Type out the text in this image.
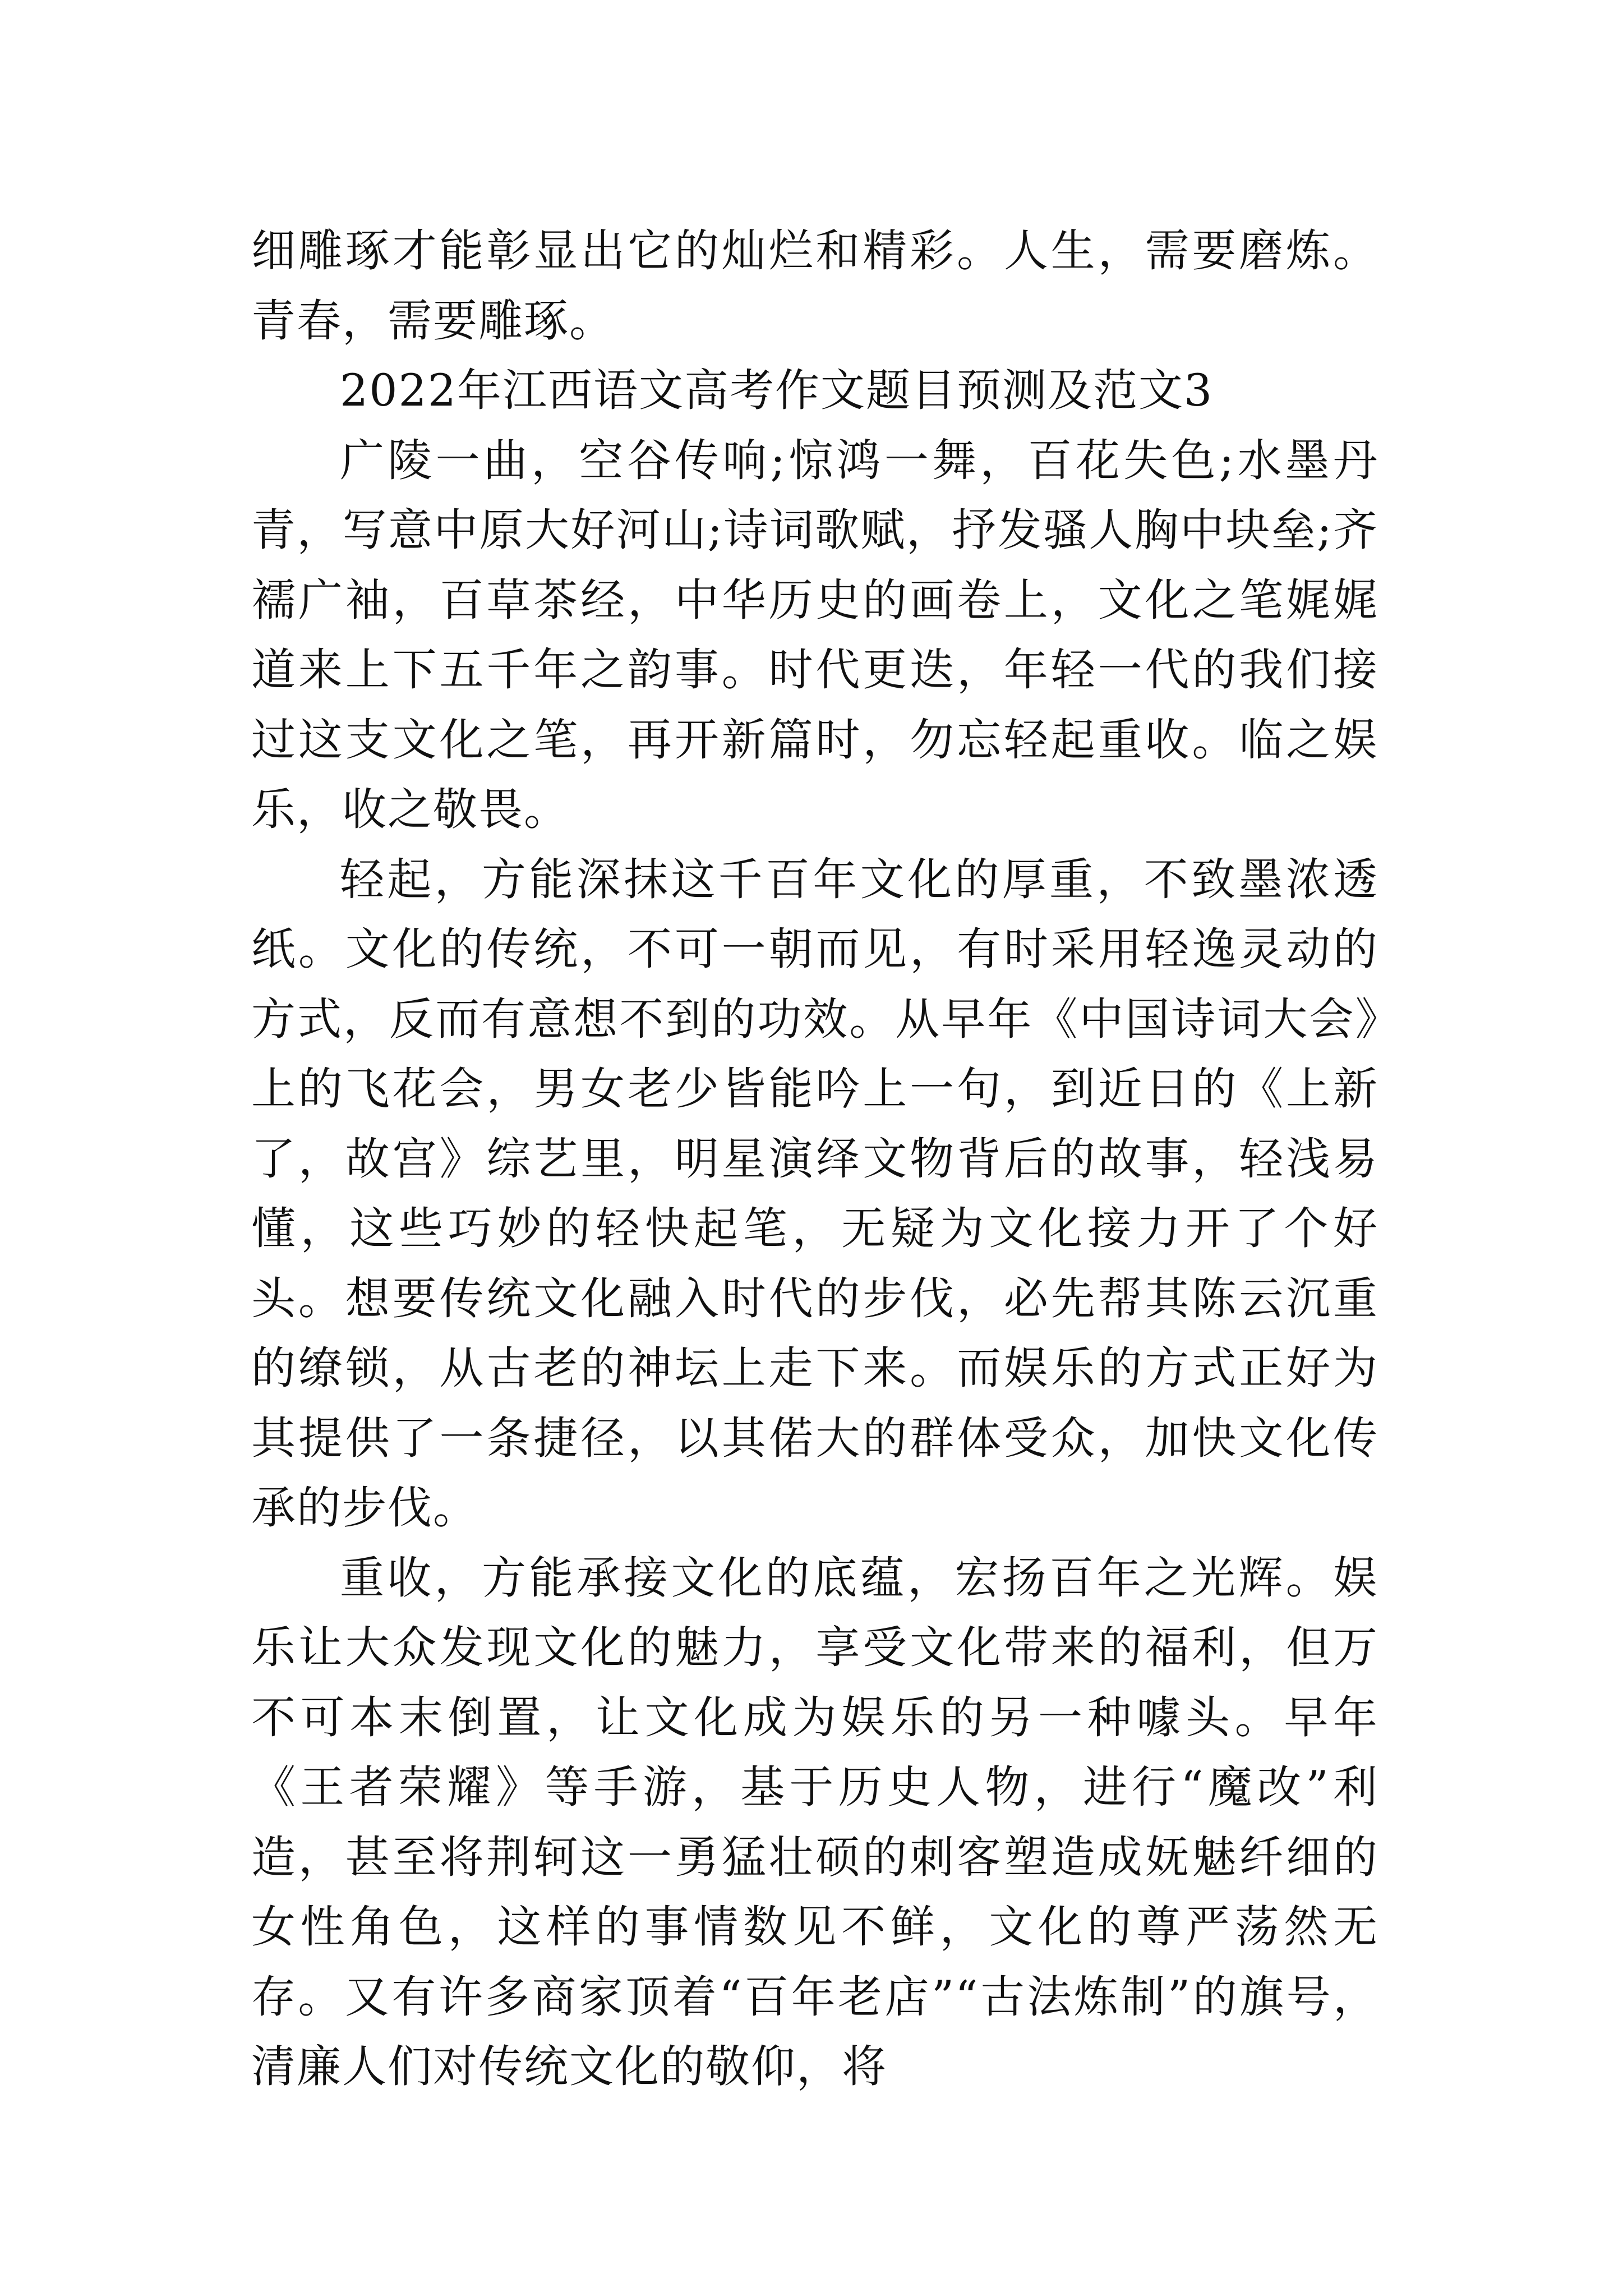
细雕琢才能彰显出它的灿烂和精彩。人生，需要磨炼。青春，需要雕琢。

2022年江西语文高考作文题目预测及范文3

广陵一曲，空谷传响;惊鸿一舞，百花失色;水墨丹青，写意中原大好河山;诗词歌赋，抒发骚人胸中块垒;齐襦广袖，百草茶经，中华历史的画卷上，文化之笔娓娓道来上下五千年之韵事。时代更迭，年轻一代的我们接过这支文化之笔，再开新篇时，勿忘轻起重收。临之娱乐，收之敬畏。

轻起，方能深抹这千百年文化的厚重，不致墨浓透纸。文化的传统，不可一朝而见，有时采用轻逸灵动的方式，反而有意想不到的功效。从早年《中国诗词大会》上的飞花会，男女老少皆能吟上一句，到近日的《上新了，故宫》综艺里，明星演绎文物背后的故事，轻浅易懂，这些巧妙的轻快起笔，无疑为文化接力开了个好头。想要传统文化融入时代的步伐，必先帮其陈云沉重的缭锁，从古老的神坛上走下来。而娱乐的方式正好为其提供了一条捷径，以其偌大的群体受众，加快文化传承的步伐。

重收，方能承接文化的底蕴，宏扬百年之光辉。娱乐让大众发现文化的魅力，享受文化带来的福利，但万不可本末倒置，让文化成为娱乐的另一种噱头。早年《王者荣耀》等手游，基于历史人物，进行“魔改”利造，甚至将荆轲这一勇猛壮硕的刺客塑造成妩魅纤细的女性角色，这样的事情数见不鲜，文化的尊严荡然无存。又有许多商家顶着“百年老店”“古法炼制”的旗号，清廉人们对传统文化的敬仰，将
